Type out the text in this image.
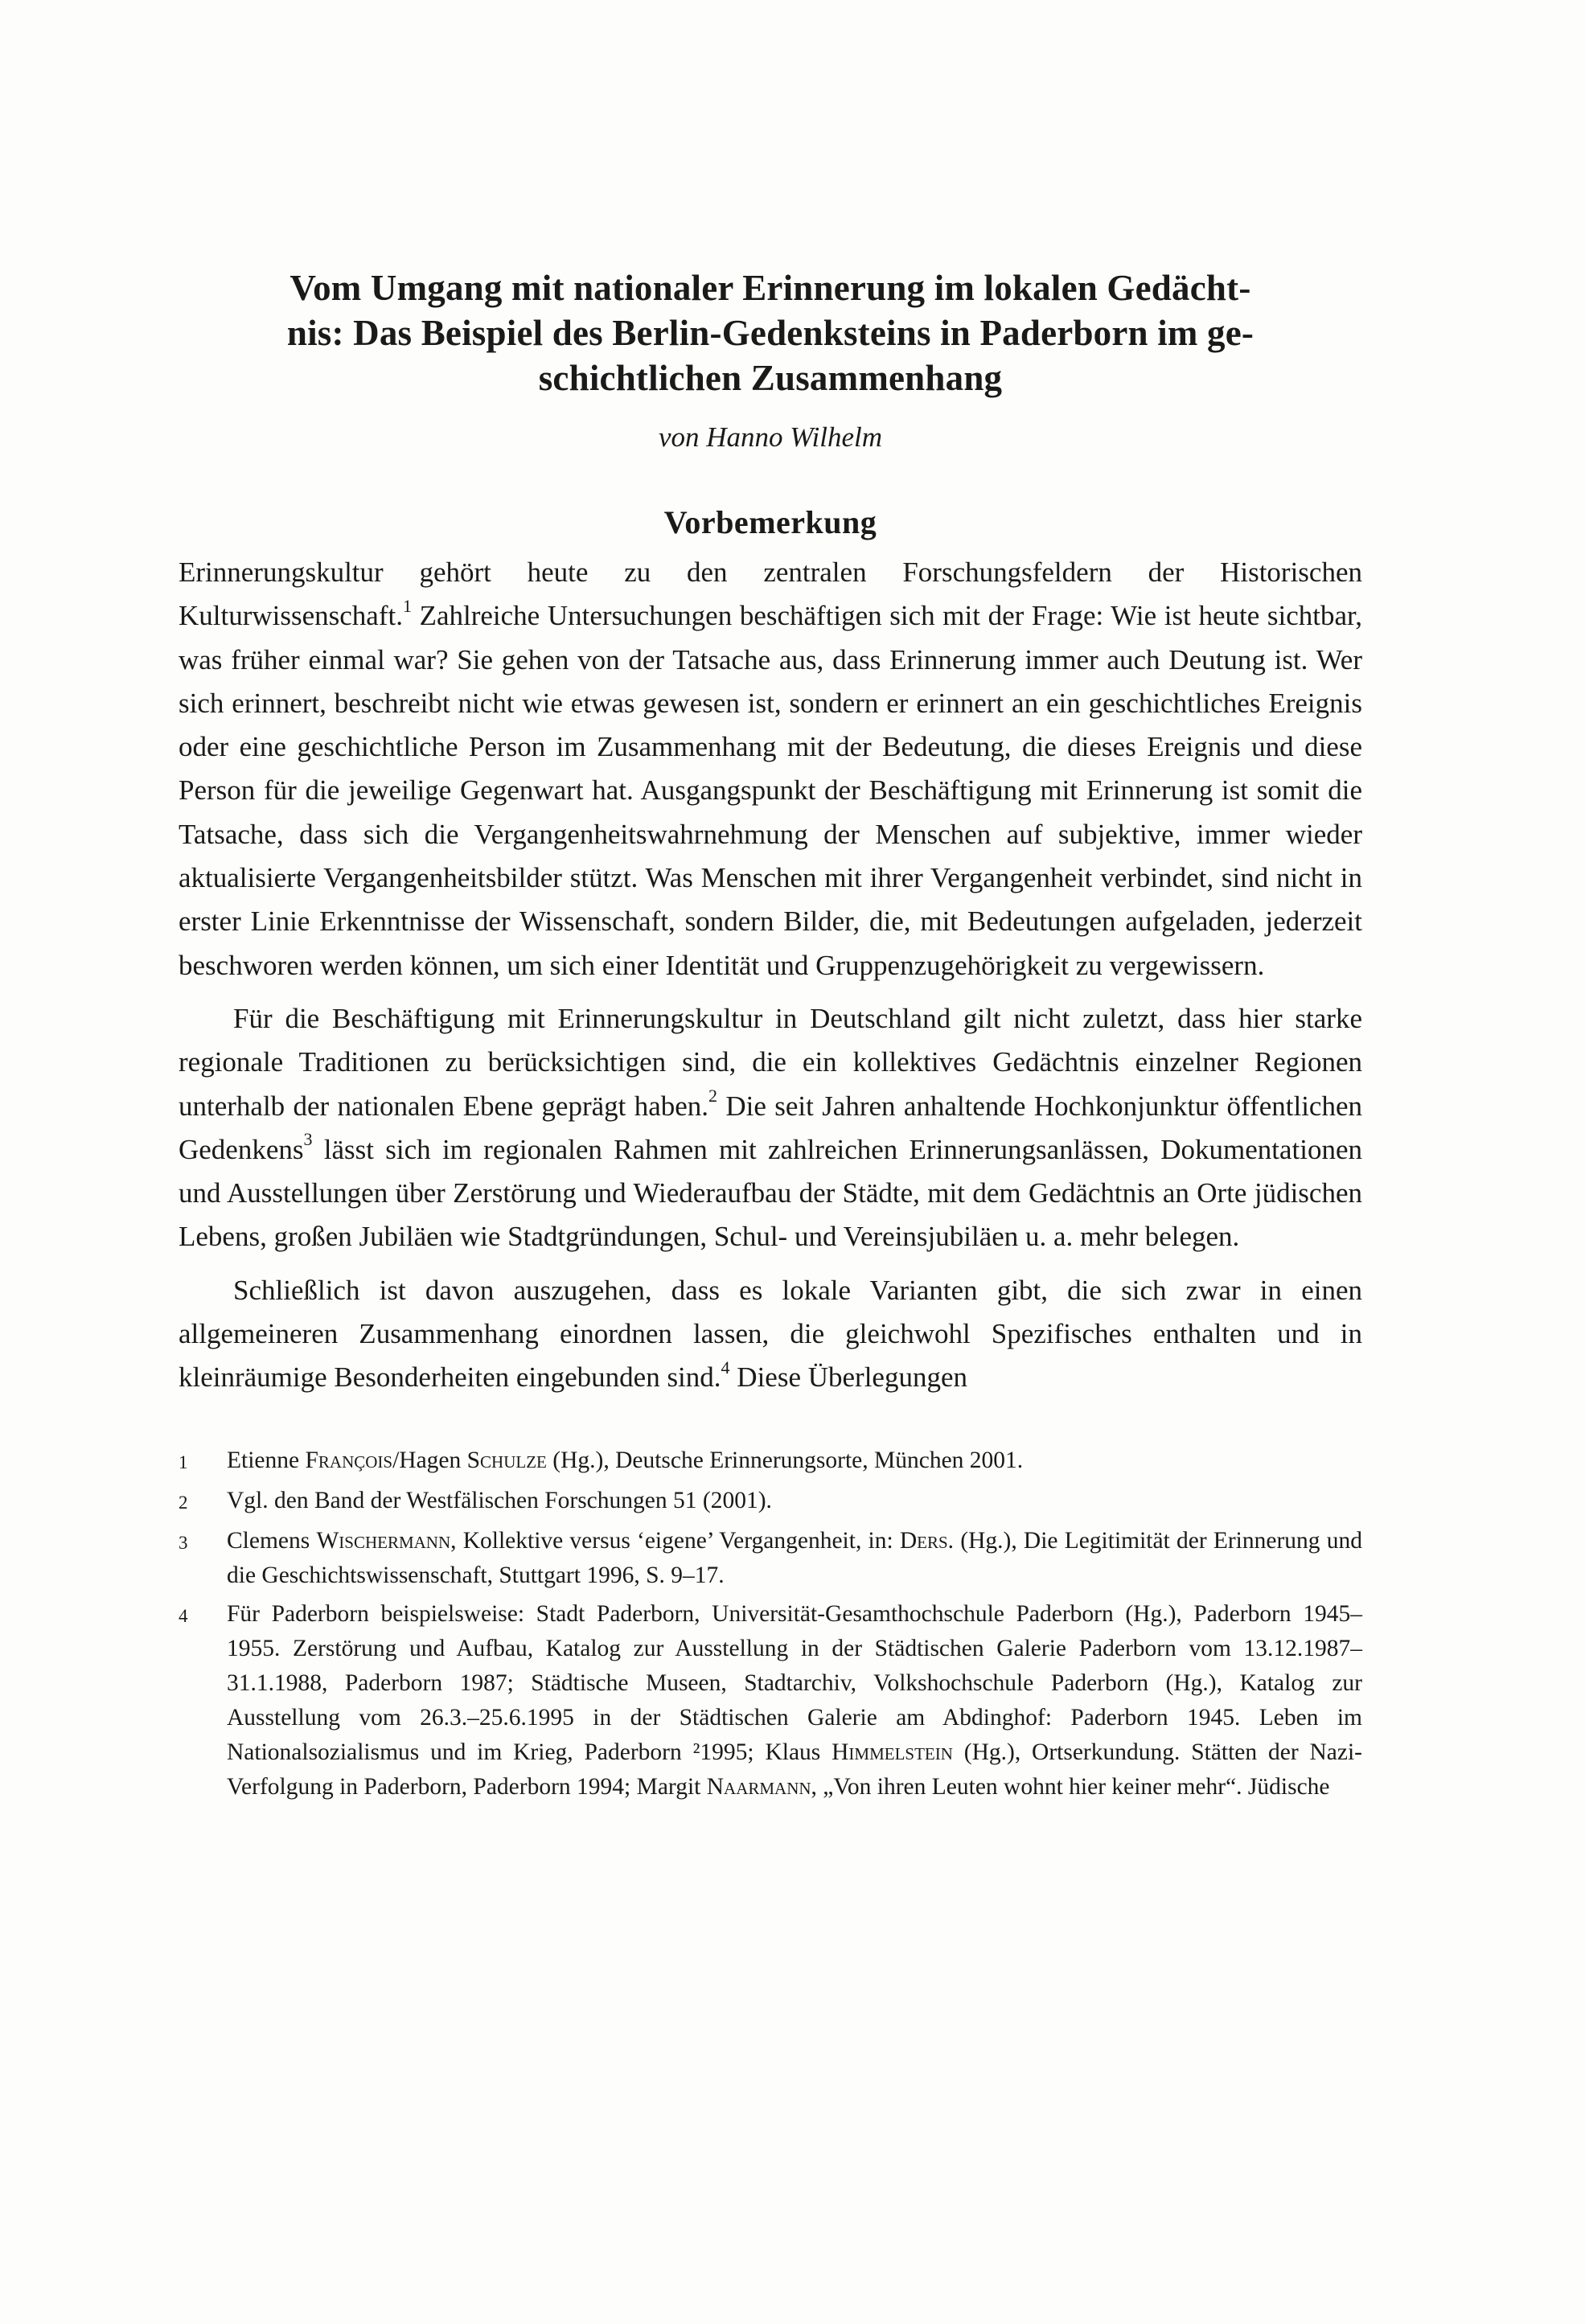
Vom Umgang mit nationaler Erinnerung im lokalen Gedächt-
nis: Das Beispiel des Berlin-Gedenksteins in Paderborn im ge-
schichtlichen Zusammenhang
von Hanno Wilhelm
Vorbemerkung

Erinnerungskultur gehört heute zu den zentralen Forschungsfeldern der Historischen Kulturwissenschaft.$^1$ Zahlreiche Untersuchungen beschäftigen sich mit der Frage: Wie ist heute sichtbar, was früher einmal war? Sie gehen von der Tatsache aus, dass Erinnerung immer auch Deutung ist. Wer sich erinnert, beschreibt nicht wie etwas gewesen ist, sondern er erinnert an ein geschichtliches Ereignis oder eine geschichtliche Person im Zusammenhang mit der Bedeutung, die dieses Ereignis und diese Person für die jeweilige Gegenwart hat. Ausgangspunkt der Beschäftigung mit Erinnerung ist somit die Tatsache, dass sich die Vergangenheitswahrnehmung der Menschen auf subjektive, immer wieder aktualisierte Vergangenheitsbilder stützt. Was Menschen mit ihrer Vergangenheit verbindet, sind nicht in erster Linie Erkenntnisse der Wissenschaft, sondern Bilder, die, mit Bedeutungen aufgeladen, jederzeit beschworen werden können, um sich einer Identität und Gruppenzugehörigkeit zu vergewissern.

Für die Beschäftigung mit Erinnerungskultur in Deutschland gilt nicht zuletzt, dass hier starke regionale Traditionen zu berücksichtigen sind, die ein kollektives Gedächtnis einzelner Regionen unterhalb der nationalen Ebene geprägt haben.$^2$ Die seit Jahren anhaltende Hochkonjunktur öffentlichen Gedenkens$^3$ lässt sich im regionalen Rahmen mit zahlreichen Erinnerungsanlässen, Dokumentationen und Ausstellungen über Zerstörung und Wiederaufbau der Städte, mit dem Gedächtnis an Orte jüdischen Lebens, großen Jubiläen wie Stadtgründungen, Schul- und Vereinsjubiläen u. a. mehr belegen.

Schließlich ist davon auszugehen, dass es lokale Varianten gibt, die sich zwar in einen allgemeineren Zusammenhang einordnen lassen, die gleichwohl Spezifisches enthalten und in kleinräumige Besonderheiten eingebunden sind.$^4$ Diese Überlegungen

1	Etienne François/Hagen Schulze (Hg.), Deutsche Erinnerungsorte, München 2001.
2	Vgl. den Band der Westfälischen Forschungen 51 (2001).
3	Clemens Wischermann, Kollektive versus ‘eigene’ Vergangenheit, in: Ders. (Hg.), Die Legitimität der Erinnerung und die Geschichtswissenschaft, Stuttgart 1996, S. 9–17.
4	Für Paderborn beispielsweise: Stadt Paderborn, Universität-Gesamthochschule Paderborn (Hg.), Paderborn 1945–1955. Zerstörung und Aufbau, Katalog zur Ausstellung in der Städtischen Galerie Paderborn vom 13.12.1987–31.1.1988, Paderborn 1987; Städtische Museen, Stadtarchiv, Volkshochschule Paderborn (Hg.), Katalog zur Ausstellung vom 26.3.–25.6.1995 in der Städtischen Galerie am Abdinghof: Paderborn 1945. Leben im Nationalsozialismus und im Krieg, Paderborn ²1995; Klaus Himmelstein (Hg.), Ortserkundung. Stätten der Nazi-Verfolgung in Paderborn, Paderborn 1994; Margit Naarmann, „Von ihren Leuten wohnt hier keiner mehr“. Jüdische
